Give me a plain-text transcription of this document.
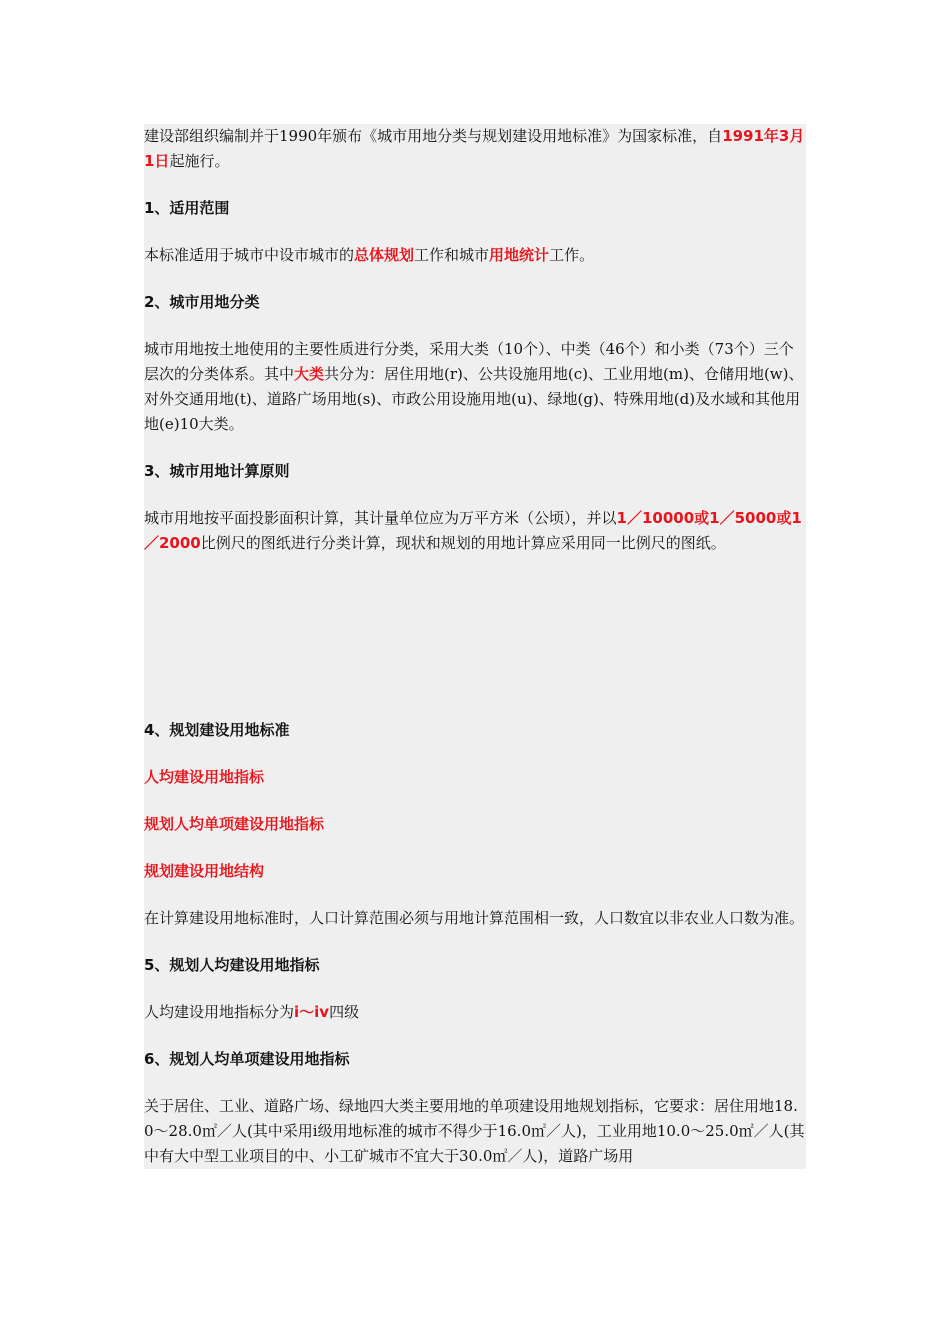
建设部组织编制并于1990年颁布《城市用地分类与规划建设用地标准》为国家标准，自1991年3月1日起施行。

1、适用范围

本标准适用于城市中设市城市的总体规划工作和城市用地统计工作。

2、城市用地分类

城市用地按土地使用的主要性质进行分类，采用大类（10个）、中类（46个）和小类（73个）三个层次的分类体系。其中大类共分为：居住用地(r)、公共设施用地(c)、工业用地(m)、仓储用地(w)、对外交通用地(t)、道路广场用地(s)、市政公用设施用地(u)、绿地(g)、特殊用地(d)及水域和其他用地(e)10大类。

3、城市用地计算原则

城市用地按平面投影面积计算，其计量单位应为万平方米（公顷），并以1／10000或1／5000或1／2000比例尺的图纸进行分类计算，现状和规划的用地计算应采用同一比例尺的图纸。

4、规划建设用地标准

人均建设用地指标

规划人均单项建设用地指标

规划建设用地结构

在计算建设用地标准时，人口计算范围必须与用地计算范围相一致，人口数宜以非农业人口数为准。

5、规划人均建设用地指标

人均建设用地指标分为i～iv四级

6、规划人均单项建设用地指标

关于居住、工业、道路广场、绿地四大类主要用地的单项建设用地规划指标，它要求：居住用地18.0～28.0㎡／人(其中采用i级用地标准的城市不得少于16.0㎡／人)，工业用地10.0～25.0㎡／人(其中有大中型工业项目的中、小工矿城市不宜大于30.0㎡／人)，道路广场用
